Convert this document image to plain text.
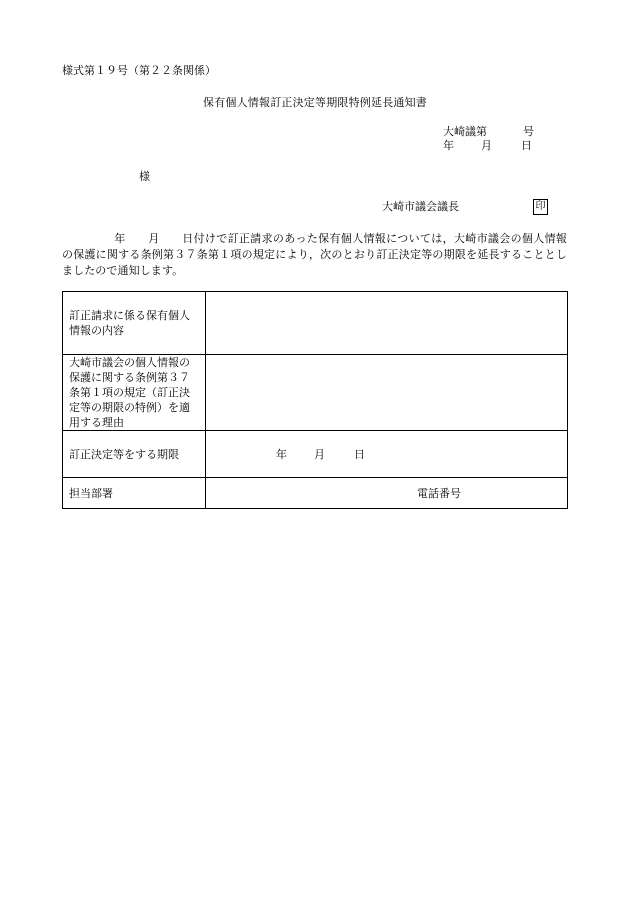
様式第１９号（第２２条関係）
保有個人情報訂正決定等期限特例延長通知書
大崎議第	号
年 月	日
様
大崎市議会議長	印
年　　 月　　 日付けで訂正請求のあった保有個人情報については，大崎市議会の個人情報の保護に関する条例第３７条第１項の規定により，次のとおり訂正決定等の期限を延長することとしましたので通知します。
訂正請求に係る保有個人情報の内容	
大崎市議会の個人情報の保護に関する条例第３７条第１項の規定（訂正決定等の期限の特例）を適用する理由	
訂正決定等をする期限	年 月 日
担当部署	電話番号
